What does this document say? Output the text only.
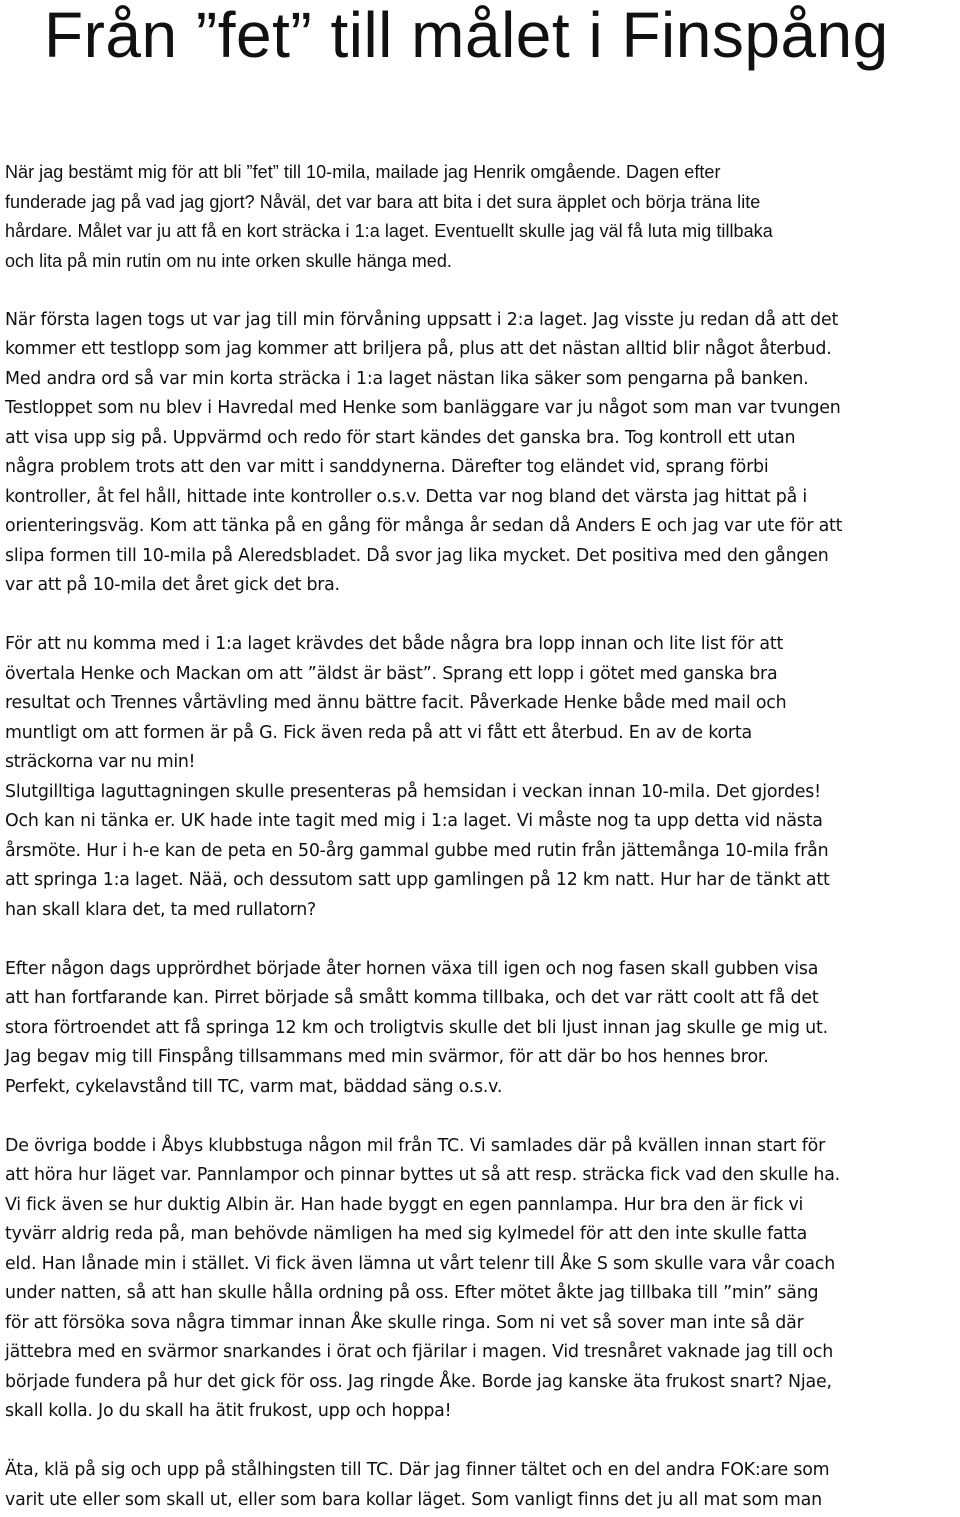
Från ”fet” till målet i Finspång

När jag bestämt mig för att bli ”fet” till 10-mila, mailade jag Henrik omgående. Dagen efter

funderade jag på vad jag gjort? Nåväl, det var bara att bita i det sura äpplet och börja träna lite

hårdare. Målet var ju att få en kort sträcka i 1:a laget. Eventuellt skulle jag väl få luta mig tillbaka

och lita på min rutin om nu inte orken skulle hänga med.

När första lagen togs ut var jag till min förvåning uppsatt i 2:a laget. Jag visste ju redan då att det

kommer ett testlopp som jag kommer att briljera på, plus att det nästan alltid blir något återbud.

Med andra ord så var min korta sträcka i 1:a laget nästan lika säker som pengarna på banken.

Testloppet som nu blev i Havredal med Henke som banläggare var ju något som man var tvungen

att visa upp sig på. Uppvärmd och redo för start kändes det ganska bra. Tog kontroll ett utan

några problem trots att den var mitt i sanddynerna. Därefter tog eländet vid, sprang förbi

kontroller, åt fel håll, hittade inte kontroller o.s.v. Detta var nog bland det värsta jag hittat på i

orienteringsväg. Kom att tänka på en gång för många år sedan då Anders E och jag var ute för att

slipa formen till 10-mila på Aleredsbladet. Då svor jag lika mycket. Det positiva med den gången

var att på 10-mila det året gick det bra.

För att nu komma med i 1:a laget krävdes det både några bra lopp innan och lite list för att

övertala Henke och Mackan om att ”äldst är bäst”. Sprang ett lopp i götet med ganska bra

resultat och Trennes vårtävling med ännu bättre facit. Påverkade Henke både med mail och

muntligt om att formen är på G. Fick även reda på att vi fått ett återbud. En av de korta

sträckorna var nu min!

Slutgilltiga laguttagningen skulle presenteras på hemsidan i veckan innan 10-mila. Det gjordes!

Och kan ni tänka er. UK hade inte tagit med mig i 1:a laget. Vi måste nog ta upp detta vid nästa

årsmöte. Hur i h-e kan de peta en 50-årg gammal gubbe med rutin från jättemånga 10-mila från

att springa 1:a laget. Nää, och dessutom satt upp gamlingen på 12 km natt. Hur har de tänkt att

han skall klara det, ta med rullatorn?

Efter någon dags upprördhet började åter hornen växa till igen och nog fasen skall gubben visa

att han fortfarande kan. Pirret började så smått komma tillbaka, och det var rätt coolt att få det

stora förtroendet att få springa 12 km och troligtvis skulle det bli ljust innan jag skulle ge mig ut.

Jag begav mig till Finspång tillsammans med min svärmor, för att där bo hos hennes bror.

Perfekt, cykelavstånd till TC, varm mat, bäddad säng o.s.v.

De övriga bodde i Åbys klubbstuga någon mil från TC. Vi samlades där på kvällen innan start för

att höra hur läget var. Pannlampor och pinnar byttes ut så att resp. sträcka fick vad den skulle ha.

Vi fick även se hur duktig Albin är. Han hade byggt en egen pannlampa. Hur bra den är fick vi

tyvärr aldrig reda på, man behövde nämligen ha med sig kylmedel för att den inte skulle fatta

eld. Han lånade min i stället. Vi fick även lämna ut vårt telenr till Åke S som skulle vara vår coach

under natten, så att han skulle hålla ordning på oss. Efter mötet åkte jag tillbaka till ”min” säng

för att försöka sova några timmar innan Åke skulle ringa. Som ni vet så sover man inte så där

jättebra med en svärmor snarkandes i örat och fjärilar i magen. Vid tresnåret vaknade jag till och

började fundera på hur det gick för oss. Jag ringde Åke. Borde jag kanske äta frukost snart? Njae,

skall kolla. Jo du skall ha ätit frukost, upp och hoppa!

Äta, klä på sig och upp på stålhingsten till TC. Där jag finner tältet och en del andra FOK:are som

varit ute eller som skall ut, eller som bara kollar läget. Som vanligt finns det ju all mat som man
